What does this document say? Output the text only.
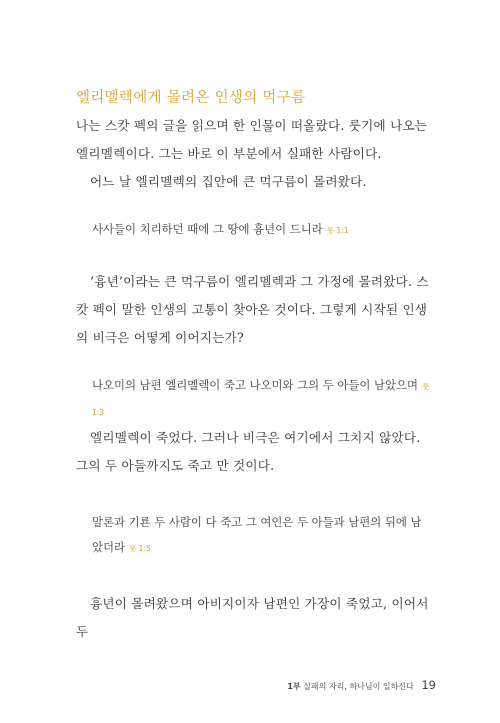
엘리멜렉에게 몰려온 인생의 먹구름

나는 스캇 펙의 글을 읽으며 한 인물이 떠올랐다. 룻기에 나오는 엘리멜렉이다. 그는 바로 이 부분에서 실패한 사람이다.

어느 날 엘리멜렉의 집안에 큰 먹구름이 몰려왔다.

사사들이 치리하던 때에 그 땅에 흉년이 드니라 룻 1:1

‘흉년’이라는 큰 먹구름이 엘리멜렉과 그 가정에 몰려왔다. 스캇 펙이 말한 인생의 고통이 찾아온 것이다. 그렇게 시작된 인생의 비극은 어떻게 이어지는가?

나오미의 남편 엘리멜렉이 죽고 나오미와 그의 두 아들이 남았으며 룻 1:3

엘리멜렉이 죽었다. 그러나 비극은 여기에서 그치지 않았다. 그의 두 아들까지도 죽고 만 것이다.

말론과 기룐 두 사람이 다 죽고 그 여인은 두 아들과 남편의 뒤에 남았더라 룻 1:5

흉년이 몰려왔으며 아비지이자 남편인 가장이 죽었고, 이어서 두

1부 실패의 자리, 하나님이 일하신다 19
